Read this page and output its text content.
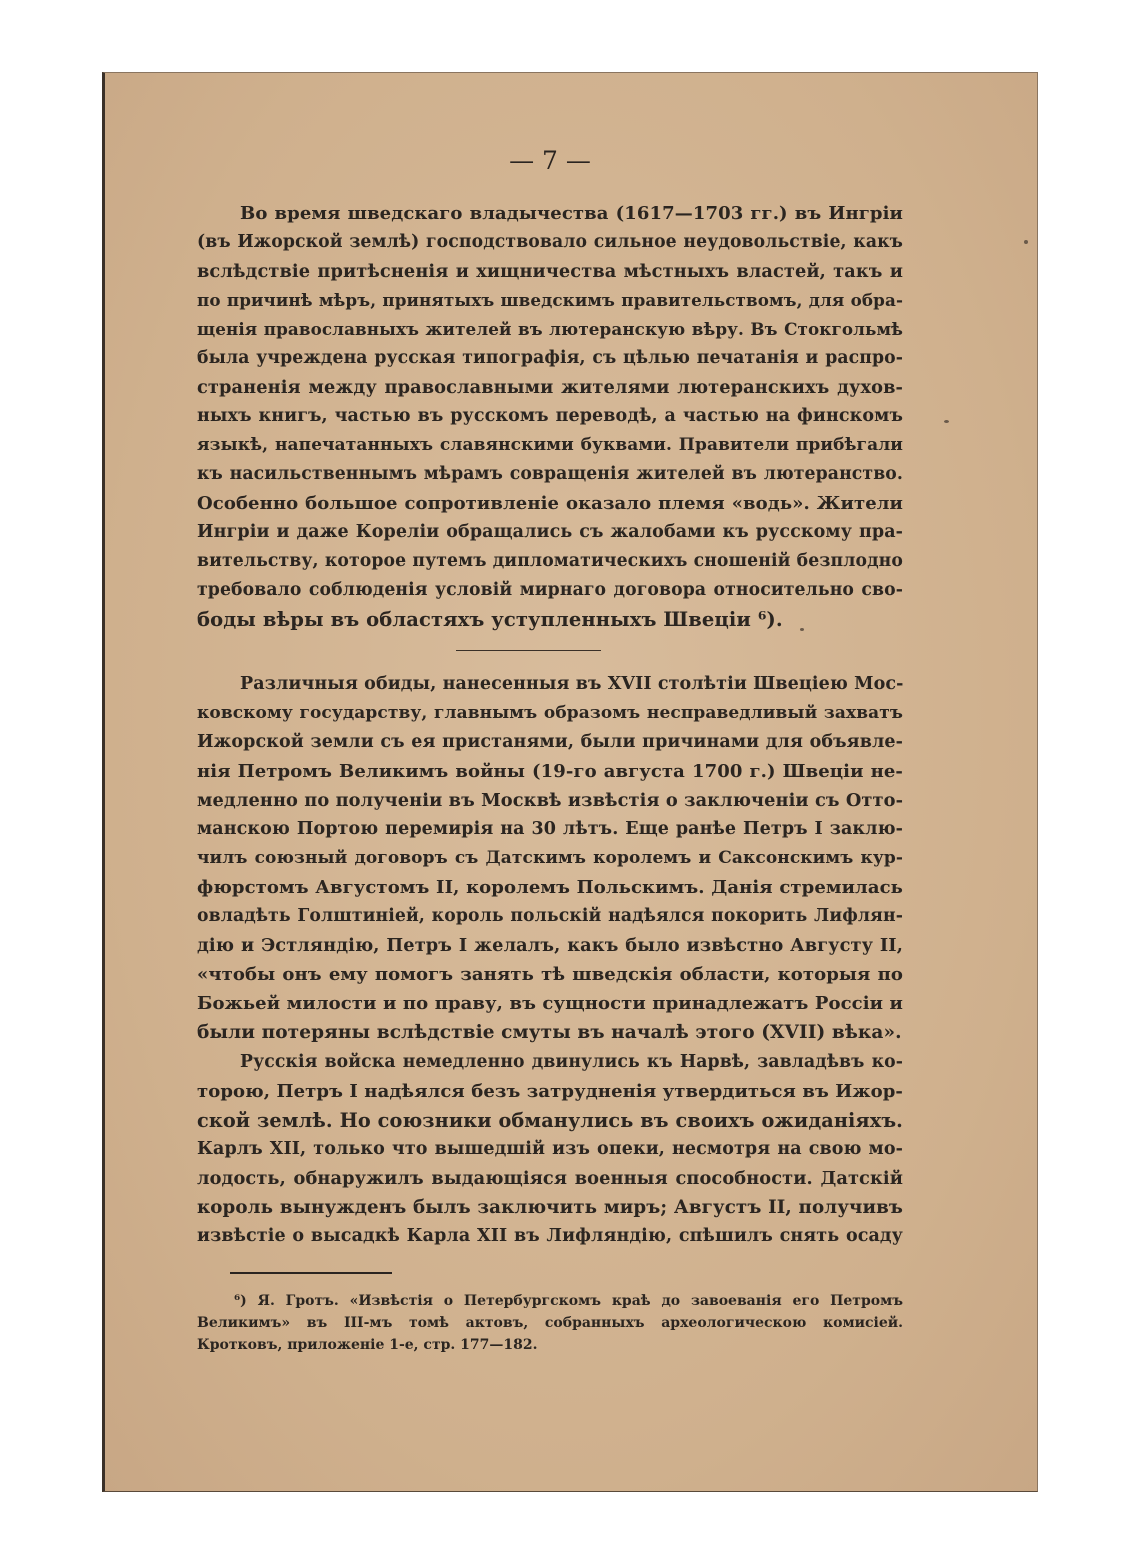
— 7 —
Во время шведскаго владычества (1617—1703 гг.) въ Ингріи
(въ Ижорской землѣ) господствовало сильное неудовольствіе, какъ
вслѣдствіе притѣсненія и хищничества мѣстныхъ властей, такъ и
по причинѣ мѣръ, принятыхъ шведскимъ правительствомъ, для обра-
щенія православныхъ жителей въ лютеранскую вѣру. Въ Стокгольмѣ
была учреждена русская типографія, съ цѣлью печатанія и распро-
страненія между православными жителями лютеранскихъ духов-
ныхъ книгъ, частью въ русскомъ переводѣ, а частью на финскомъ
языкѣ, напечатанныхъ славянскими буквами. Правители прибѣгали
къ насильственнымъ мѣрамъ совращенія жителей въ лютеранство.
Особенно большое сопротивленіе оказало племя «водь». Жители
Ингріи и даже Кореліи обращались съ жалобами къ русскому пра-
вительству, которое путемъ дипломатическихъ сношеній безплодно
требовало соблюденія условій мирнаго договора относительно сво-
боды вѣры въ областяхъ уступленныхъ Швеціи ⁶).
Различныя обиды, нанесенныя въ XVII столѣтіи Швеціею Мос-
ковскому государству, главнымъ образомъ несправедливый захватъ
Ижорской земли съ ея пристанями, были причинами для объявле-
нія Петромъ Великимъ войны (19-го августа 1700 г.) Швеціи не-
медленно по полученіи въ Москвѣ извѣстія о заключеніи съ Отто-
манскою Портою перемирія на 30 лѣтъ. Еще ранѣе Петръ I заклю-
чилъ союзный договоръ съ Датскимъ королемъ и Саксонскимъ кур-
фюрстомъ Августомъ II, королемъ Польскимъ. Данія стремилась
овладѣть Голштиніей, король польскій надѣялся покорить Лифлян-
дію и Эстляндію, Петръ I желалъ, какъ было извѣстно Августу II,
«чтобы онъ ему помогъ занять тѣ шведскія области, которыя по
Божьей милости и по праву, въ сущности принадлежатъ Россіи и
были потеряны вслѣдствіе смуты въ началѣ этого (XVII) вѣка».
Русскія войска немедленно двинулись къ Нарвѣ, завладѣвъ ко-
торою, Петръ I надѣялся безъ затрудненія утвердиться въ Ижор-
ской землѣ. Но союзники обманулись въ своихъ ожиданіяхъ.
Карлъ XII, только что вышедшій изъ опеки, несмотря на свою мо-
лодость, обнаружилъ выдающіяся военныя способности. Датскій
король вынужденъ былъ заключить миръ; Августъ II, получивъ
извѣстіе о высадкѣ Карла XII въ Лифляндію, спѣшилъ снять осаду
⁶) Я. Гротъ. «Извѣстія о Петербургскомъ краѣ до завоеванія его Петромъ
Великимъ» въ III-мъ томѣ актовъ, собранныхъ археологическою комисіей.
Кротковъ, приложеніе 1-е, стр. 177—182.
